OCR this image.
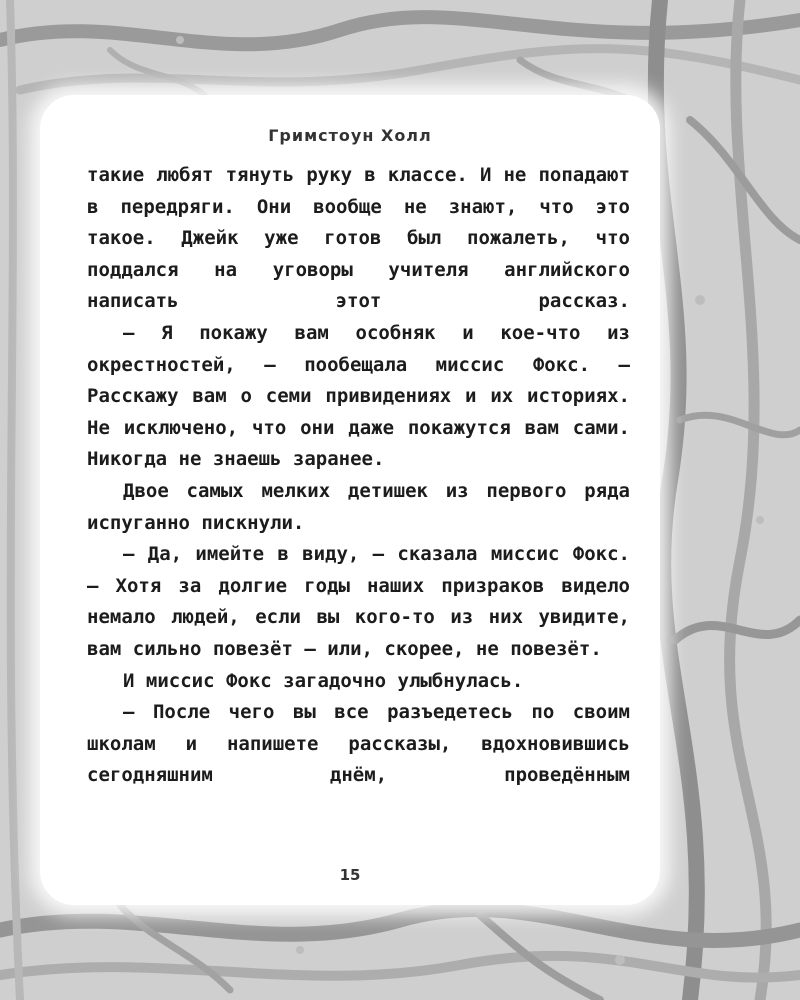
Гримстоун Холл

такие любят тянуть руку в классе. И не попадают в передряги. Они вообще не знают, что это такое. Джейк уже готов был пожалеть, что поддался на уговоры учителя английского написать этот рассказ.

— Я покажу вам особняк и кое-что из окрестностей, — пообещала миссис Фокс. — Расскажу вам о семи привидениях и их историях. Не исключено, что они даже покажутся вам сами. Никогда не знаешь заранее.

Двое самых мелких детишек из первого ряда испуганно пискнули.

— Да, имейте в виду, — сказала миссис Фокс. — Хотя за долгие годы наших призраков видело немало людей, если вы кого-то из них увидите, вам сильно повезёт — или, скорее, не повезёт.

И миссис Фокс загадочно улыбнулась.

— После чего вы все разъедетесь по своим школам и напишете рассказы, вдохновившись сегодняшним днём, проведённым

15
